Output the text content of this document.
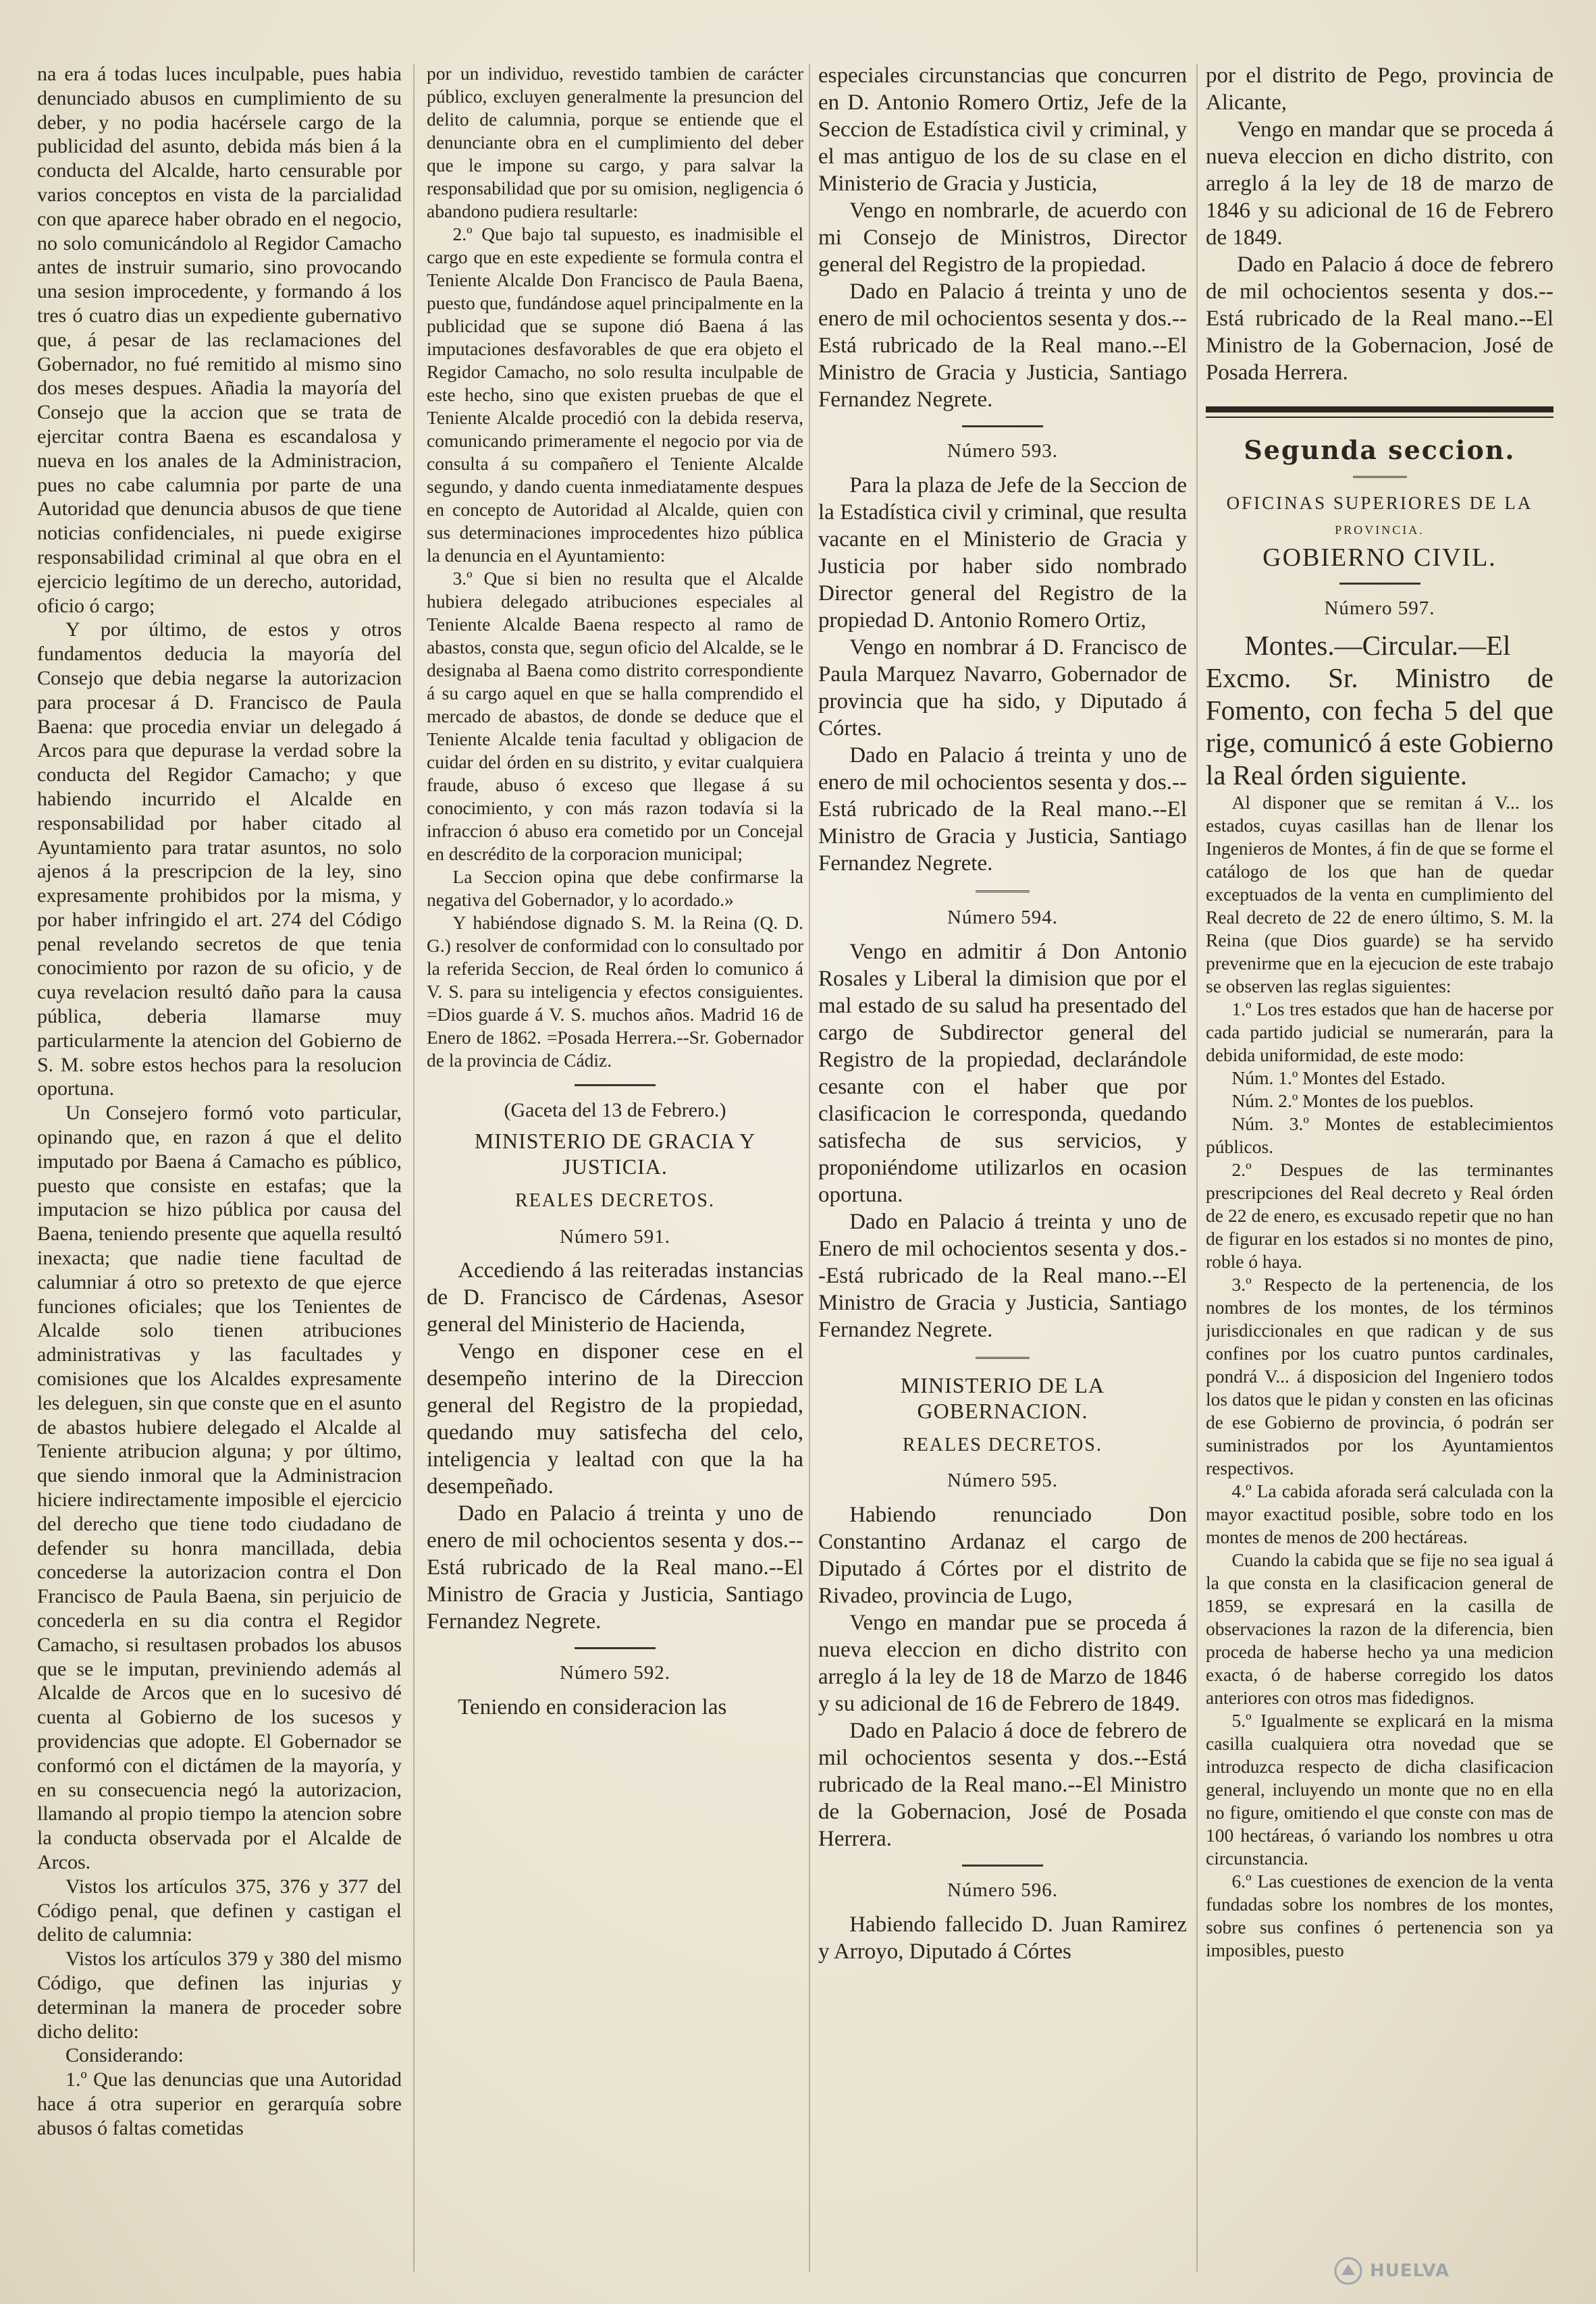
na era á todas luces inculpable, pues habia denunciado abusos en cumplimiento de su deber, y no podia hacérsele cargo de la publicidad del asunto, debida más bien á la conducta del Alcalde, harto censurable por varios conceptos en vista de la parcialidad con que aparece haber obrado en el negocio, no solo comunicándolo al Regidor Camacho antes de instruir sumario, sino provocando una sesion improcedente, y formando á los tres ó cuatro dias un expediente gubernativo que, á pesar de las reclamaciones del Gobernador, no fué remitido al mismo sino dos meses despues. Añadia la mayoría del Consejo que la accion que se trata de ejercitar contra Baena es escandalosa y nueva en los anales de la Administracion, pues no cabe calumnia por parte de una Autoridad que denuncia abusos de que tiene noticias confidenciales, ni puede exigirse responsabilidad criminal al que obra en el ejercicio legítimo de un derecho, autoridad, oficio ó cargo;

Y por último, de estos y otros fundamentos deducia la mayoría del Consejo que debia negarse la autorizacion para procesar á D. Francisco de Paula Baena: que procedia enviar un delegado á Arcos para que depurase la verdad sobre la conducta del Regidor Camacho; y que habiendo incurrido el Alcalde en responsabilidad por haber citado al Ayuntamiento para tratar asuntos, no solo ajenos á la prescripcion de la ley, sino expresamente prohibidos por la misma, y por haber infringido el art. 274 del Código penal revelando secretos de que tenia conocimiento por razon de su oficio, y de cuya revelacion resultó daño para la causa pública, deberia llamarse muy particularmente la atencion del Gobierno de S. M. sobre estos hechos para la resolucion oportuna.

Un Consejero formó voto particular, opinando que, en razon á que el delito imputado por Baena á Camacho es público, puesto que consiste en estafas; que la imputacion se hizo pública por causa del Baena, teniendo presente que aquella resultó inexacta; que nadie tiene facultad de calumniar á otro so pretexto de que ejerce funciones oficiales; que los Tenientes de Alcalde solo tienen atribuciones administrativas y las facultades y comisiones que los Alcaldes expresamente les deleguen, sin que conste que en el asunto de abastos hubiere delegado el Alcalde al Teniente atribucion alguna; y por último, que siendo inmoral que la Administracion hiciere indirectamente imposible el ejercicio del derecho que tiene todo ciudadano de defender su honra mancillada, debia concederse la autorizacion contra el Don Francisco de Paula Baena, sin perjuicio de concederla en su dia contra el Regidor Camacho, si resultasen probados los abusos que se le imputan, previniendo además al Alcalde de Arcos que en lo sucesivo dé cuenta al Gobierno de los sucesos y providencias que adopte. El Gobernador se conformó con el dictámen de la mayoría, y en su consecuencia negó la autorizacion, llamando al propio tiempo la atencion sobre la conducta observada por el Alcalde de Arcos.

Vistos los artículos 375, 376 y 377 del Código penal, que definen y castigan el delito de calumnia:

Vistos los artículos 379 y 380 del mismo Código, que definen las injurias y determinan la manera de proceder sobre dicho delito:

Considerando:

1.º Que las denuncias que una Autoridad hace á otra superior en gerarquía sobre abusos ó faltas cometidas

por un individuo, revestido tambien de carácter público, excluyen generalmente la presuncion del delito de calumnia, porque se entiende que el denunciante obra en el cumplimiento del deber que le impone su cargo, y para salvar la responsabilidad que por su omision, negligencia ó abandono pudiera resultarle:

2.º Que bajo tal supuesto, es inadmisible el cargo que en este expediente se formula contra el Teniente Alcalde Don Francisco de Paula Baena, puesto que, fundándose aquel principalmente en la publicidad que se supone dió Baena á las imputaciones desfavorables de que era objeto el Regidor Camacho, no solo resulta inculpable de este hecho, sino que existen pruebas de que el Teniente Alcalde procedió con la debida reserva, comunicando primeramente el negocio por via de consulta á su compañero el Teniente Alcalde segundo, y dando cuenta inmediatamente despues en concepto de Autoridad al Alcalde, quien con sus determinaciones improcedentes hizo pública la denuncia en el Ayuntamiento:

3.º Que si bien no resulta que el Alcalde hubiera delegado atribuciones especiales al Teniente Alcalde Baena respecto al ramo de abastos, consta que, segun oficio del Alcalde, se le designaba al Baena como distrito correspondiente á su cargo aquel en que se halla comprendido el mercado de abastos, de donde se deduce que el Teniente Alcalde tenia facultad y obligacion de cuidar del órden en su distrito, y evitar cualquiera fraude, abuso ó exceso que llegase á su conocimiento, y con más razon todavía si la infraccion ó abuso era cometido por un Concejal en descrédito de la corporacion municipal;

La Seccion opina que debe confirmarse la negativa del Gobernador, y lo acordado.»

Y habiéndose dignado S. M. la Reina (Q. D. G.) resolver de conformidad con lo consultado por la referida Seccion, de Real órden lo comunico á V. S. para su inteligencia y efectos consiguientes. =Dios guarde á V. S. muchos años. Madrid 16 de Enero de 1862. =Posada Herrera.--Sr. Gobernador de la provincia de Cádiz.

(Gaceta del 13 de Febrero.)

MINISTERIO DE GRACIA Y JUSTICIA.
REALES DECRETOS.
Número 591.

Accediendo á las reiteradas instancias de D. Francisco de Cárdenas, Asesor general del Ministerio de Hacienda,

Vengo en disponer cese en el desempeño interino de la Direccion general del Registro de la propiedad, quedando muy satisfecha del celo, inteligencia y lealtad con que la ha desempeñado.

Dado en Palacio á treinta y uno de enero de mil ochocientos sesenta y dos.--Está rubricado de la Real mano.--El Ministro de Gracia y Justicia, Santiago Fernandez Negrete.

Número 592.

Teniendo en consideracion las

especiales circunstancias que concurren en D. Antonio Romero Ortiz, Jefe de la Seccion de Estadística civil y criminal, y el mas antiguo de los de su clase en el Ministerio de Gracia y Justicia,

Vengo en nombrarle, de acuerdo con mi Consejo de Ministros, Director general del Registro de la propiedad.

Dado en Palacio á treinta y uno de enero de mil ochocientos sesenta y dos.--Está rubricado de la Real mano.--El Ministro de Gracia y Justicia, Santiago Fernandez Negrete.

Número 593.

Para la plaza de Jefe de la Seccion de la Estadística civil y criminal, que resulta vacante en el Ministerio de Gracia y Justicia por haber sido nombrado Director general del Registro de la propiedad D. Antonio Romero Ortiz,

Vengo en nombrar á D. Francisco de Paula Marquez Navarro, Gobernador de provincia que ha sido, y Diputado á Córtes.

Dado en Palacio á treinta y uno de enero de mil ochocientos sesenta y dos.--Está rubricado de la Real mano.--El Ministro de Gracia y Justicia, Santiago Fernandez Negrete.

Número 594.

Vengo en admitir á Don Antonio Rosales y Liberal la dimision que por el mal estado de su salud ha presentado del cargo de Subdirector general del Registro de la propiedad, declarándole cesante con el haber que por clasificacion le corresponda, quedando satisfecha de sus servicios, y proponiéndome utilizarlos en ocasion oportuna.

Dado en Palacio á treinta y uno de Enero de mil ochocientos sesenta y dos.--Está rubricado de la Real mano.--El Ministro de Gracia y Justicia, Santiago Fernandez Negrete.

MINISTERIO DE LA GOBERNACION.
REALES DECRETOS.
Número 595.

Habiendo renunciado Don Constantino Ardanaz el cargo de Diputado á Córtes por el distrito de Rivadeo, provincia de Lugo,

Vengo en mandar pue se proceda á nueva eleccion en dicho distrito con arreglo á la ley de 18 de Marzo de 1846 y su adicional de 16 de Febrero de 1849.

Dado en Palacio á doce de febrero de mil ochocientos sesenta y dos.--Está rubricado de la Real mano.--El Ministro de la Gobernacion, José de Posada Herrera.

Número 596.

Habiendo fallecido D. Juan Ramirez y Arroyo, Diputado á Córtes

por el distrito de Pego, provincia de Alicante,

Vengo en mandar que se proceda á nueva eleccion en dicho distrito, con arreglo á la ley de 18 de marzo de 1846 y su adicional de 16 de Febrero de 1849.

Dado en Palacio á doce de febrero de mil ochocientos sesenta y dos.--Está rubricado de la Real mano.--El Ministro de la Gobernacion, José de Posada Herrera.

Segunda seccion.
OFICINAS SUPERIORES DE LA
PROVINCIA.
GOBIERNO CIVIL.
Número 597.

Montes.—Circular.—El Excmo. Sr. Ministro de Fomento, con fecha 5 del que rige, comunicó á este Gobierno la Real órden siguiente.

Al disponer que se remitan á V... los estados, cuyas casillas han de llenar los Ingenieros de Montes, á fin de que se forme el catálogo de los que han de quedar exceptuados de la venta en cumplimiento del Real decreto de 22 de enero último, S. M. la Reina (que Dios guarde) se ha servido prevenirme que en la ejecucion de este trabajo se observen las reglas siguientes:

1.º Los tres estados que han de hacerse por cada partido judicial se numerarán, para la debida uniformidad, de este modo:

Núm. 1.º Montes del Estado.

Núm. 2.º Montes de los pueblos.

Núm. 3.º Montes de establecimientos públicos.

2.º Despues de las terminantes prescripciones del Real decreto y Real órden de 22 de enero, es excusado repetir que no han de figurar en los estados si no montes de pino, roble ó haya.

3.º Respecto de la pertenencia, de los nombres de los montes, de los términos jurisdiccionales en que radican y de sus confines por los cuatro puntos cardinales, pondrá V... á disposicion del Ingeniero todos los datos que le pidan y consten en las oficinas de ese Gobierno de provincia, ó podrán ser suministrados por los Ayuntamientos respectivos.

4.º La cabida aforada será calculada con la mayor exactitud posible, sobre todo en los montes de menos de 200 hectáreas.

Cuando la cabida que se fije no sea igual á la que consta en la clasificacion general de 1859, se expresará en la casilla de observaciones la razon de la diferencia, bien proceda de haberse hecho ya una medicion exacta, ó de haberse corregido los datos anteriores con otros mas fidedignos.

5.º Igualmente se explicará en la misma casilla cualquiera otra novedad que se introduzca respecto de dicha clasificacion general, incluyendo un monte que no en ella no figure, omitiendo el que conste con mas de 100 hectáreas, ó variando los nombres u otra circunstancia.

6.º Las cuestiones de exencion de la venta fundadas sobre los nombres de los montes, sobre sus confines ó pertenencia son ya imposibles, puesto

HUELVA
